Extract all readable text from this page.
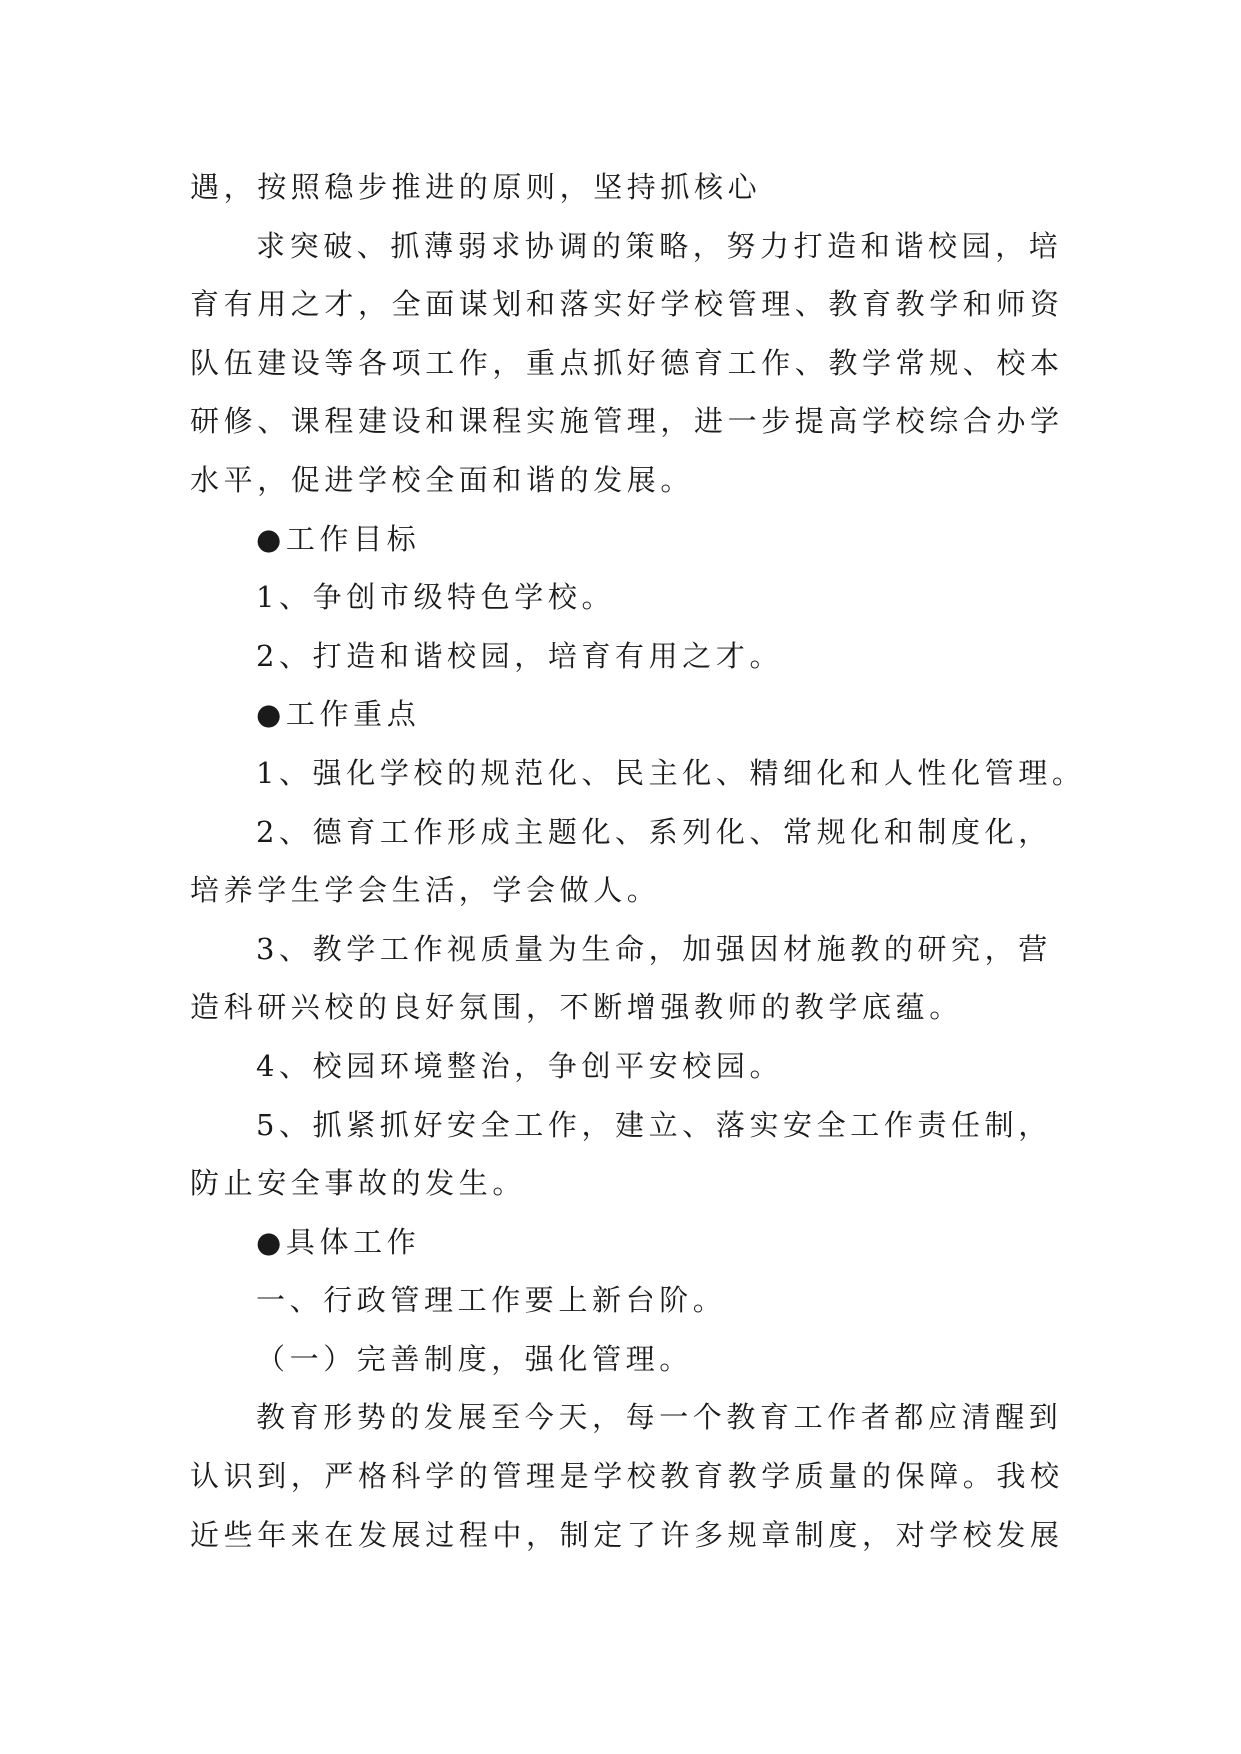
遇，按照稳步推进的原则，坚持抓核心
求突破、抓薄弱求协调的策略，努力打造和谐校园，培
育有用之才，全面谋划和落实好学校管理、教育教学和师资
队伍建设等各项工作，重点抓好德育工作、教学常规、校本
研修、课程建设和课程实施管理，进一步提高学校综合办学
水平，促进学校全面和谐的发展。
●工作目标
1、争创市级特色学校。
2、打造和谐校园，培育有用之才。
●工作重点
1、强化学校的规范化、民主化、精细化和人性化管理。
2、德育工作形成主题化、系列化、常规化和制度化，
培养学生学会生活，学会做人。
3、教学工作视质量为生命，加强因材施教的研究，营
造科研兴校的良好氛围，不断增强教师的教学底蕴。
4、校园环境整治，争创平安校园。
5、抓紧抓好安全工作，建立、落实安全工作责任制，
防止安全事故的发生。
●具体工作
一、行政管理工作要上新台阶。
（一）完善制度，强化管理。
教育形势的发展至今天，每一个教育工作者都应清醒到
认识到，严格科学的管理是学校教育教学质量的保障。我校
近些年来在发展过程中，制定了许多规章制度，对学校发展
